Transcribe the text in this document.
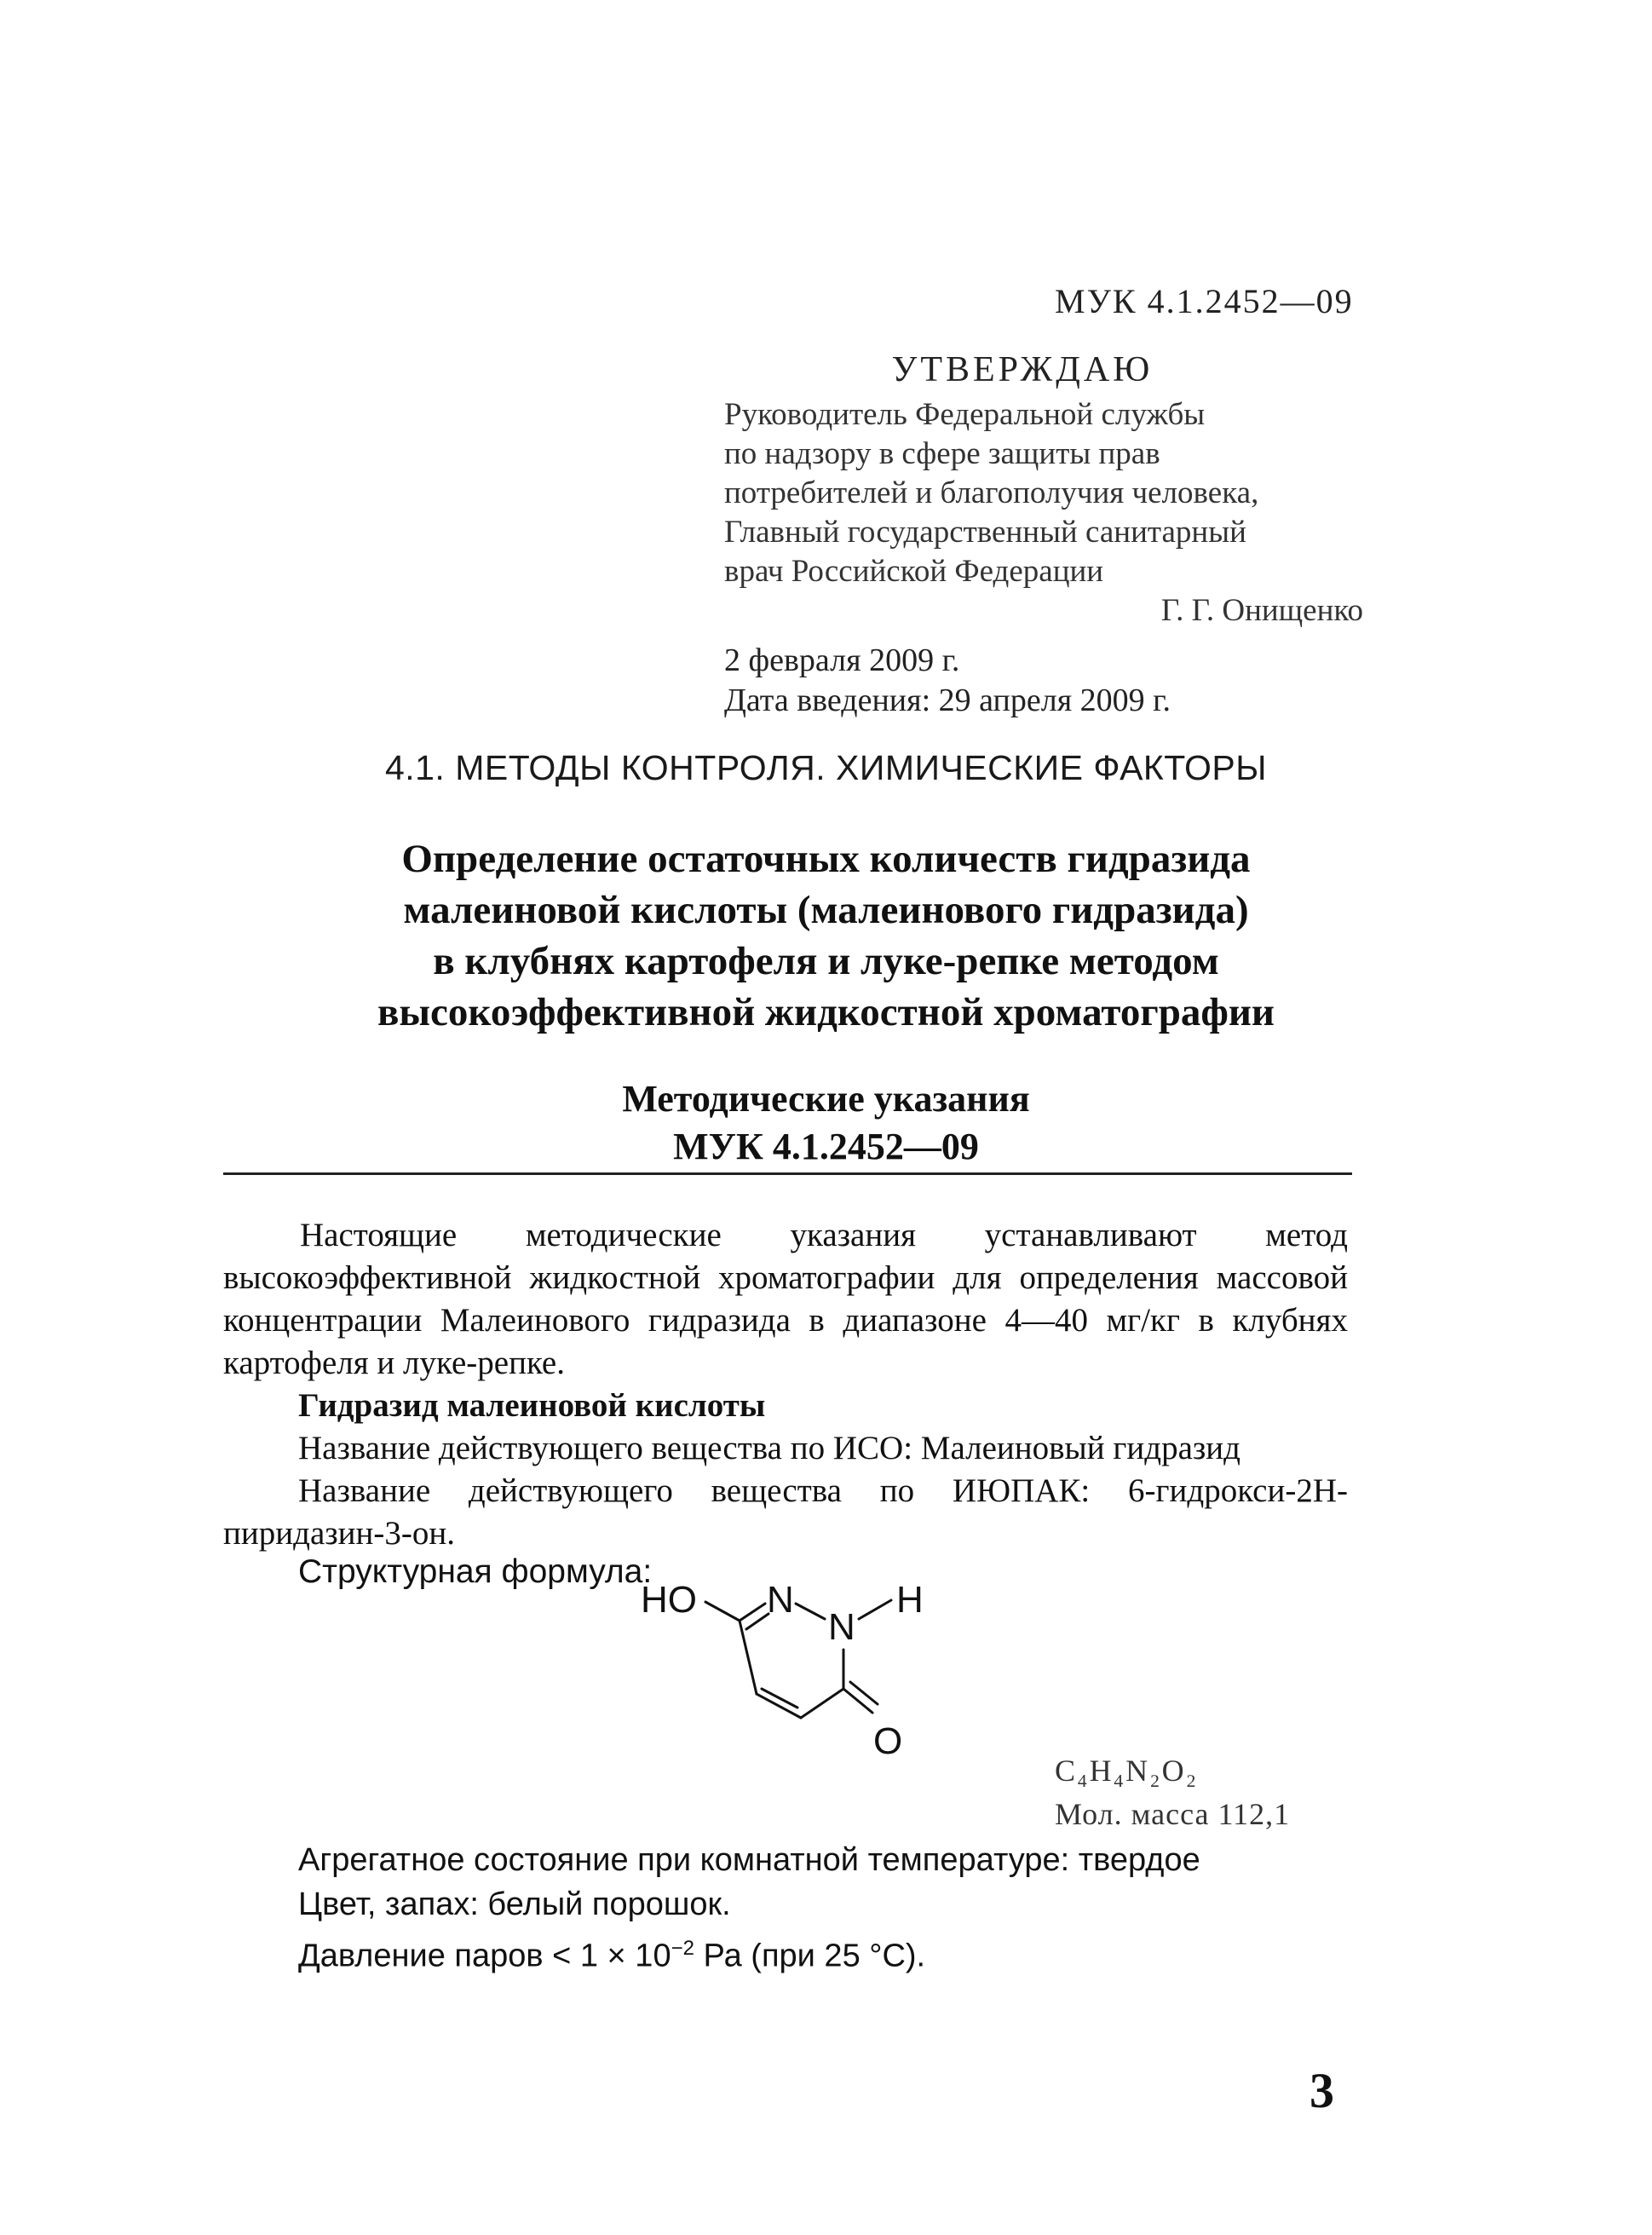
МУК 4.1.2452—09
УТВЕРЖДАЮ
Руководитель Федеральной службы
по надзору в сфере защиты прав
потребителей и благополучия человека,
Главный государственный санитарный
врач Российской Федерации
Г. Г. Онищенко
2 февраля 2009 г.
Дата введения: 29 апреля 2009 г.
4.1. МЕТОДЫ КОНТРОЛЯ. ХИМИЧЕСКИЕ ФАКТОРЫ
Определение остаточных количеств гидразида
малеиновой кислоты (малеинового гидразида)
в клубнях картофеля и луке-репке методом
высокоэффективной жидкостной хроматографии
Методические указания
МУК 4.1.2452—09
Настоящие методические указания устанавливают метод высокоэффективной жидкостной хроматографии для определения массовой концентрации Малеинового гидразида в диапазоне 4—40 мг/кг в клубнях картофеля и луке-репке.
Гидразид малеиновой кислоты
Название действующего вещества по ИСО: Малеиновый гидразид
Название действующего вещества по ИЮПАК: 6-гидрокси-2Н-
пиридазин-3-он.
Структурная формула:
HO N
N
H
O
C₄H₄N₂O₂
Мол. масса 112,1
Агрегатное состояние при комнатной температуре: твердое
Цвет, запах: белый порошок.
Давление паров < $1 \times 10^{-2}$ Ра (при 25 °С).
3
